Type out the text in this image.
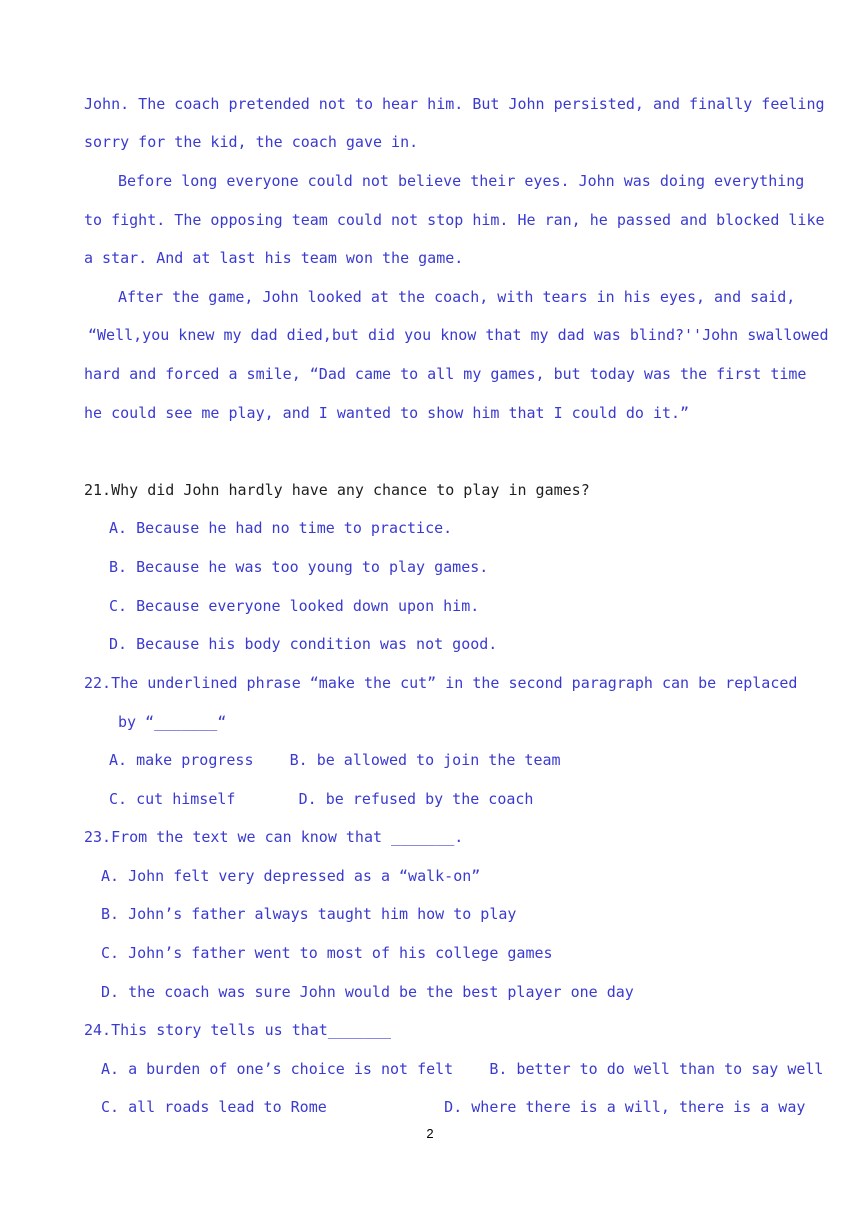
John. The coach pretended not to hear him. But John persisted, and finally feeling
sorry for the kid, the coach gave in.
Before long everyone could not believe their eyes. John was doing everything
to fight. The opposing team could not stop him. He ran, he passed and blocked like
a star. And at last his team won the game.
After the game, John looked at the coach, with tears in his eyes, and said,
“Well,you knew my dad died,but did you know that my dad was blind?''John swallowed
hard and forced a smile, “Dad came to all my games, but today was the first time
he could see me play, and I wanted to show him that I could do it.”
21.Why did John hardly have any chance to play in games?
A. Because he had no time to practice.
B. Because he was too young to play games.
C. Because everyone looked down upon him.
D. Because his body condition was not good.
22.The underlined phrase “make the cut” in the second paragraph can be replaced
by “_______“
A. make progress    B. be allowed to join the team
C. cut himself       D. be refused by the coach
23.From the text we can know that _______.
A. John felt very depressed as a “walk-on”
B. John’s father always taught him how to play
C. John’s father went to most of his college games
D. the coach was sure John would be the best player one day
24.This story tells us that_______
A. a burden of one’s choice is not felt    B. better to do well than to say well
C. all roads lead to Rome             D. where there is a will, there is a way
2
